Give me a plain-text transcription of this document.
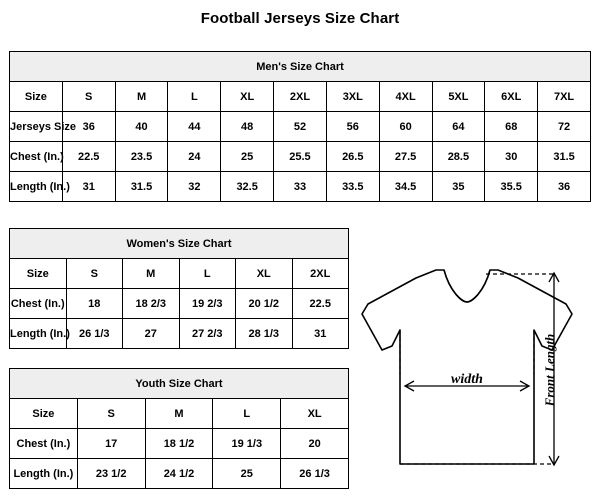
Football Jerseys Size Chart
Men's Size Chart										
Size	S	M	L	XL	2XL	3XL	4XL	5XL	6XL	7XL
Jerseys Size	36	40	44	48	52	56	60	64	68	72
Chest (In.)	22.5	23.5	24	25	25.5	26.5	27.5	28.5	30	31.5
Length (In.)	31	31.5	32	32.5	33	33.5	34.5	35	35.5	36
Women's Size Chart					
Size	S	M	L	XL	2XL
Chest (In.)	18	18 2/3	19 2/3	20 1/2	22.5
Length (In.)	26 1/3	27	27 2/3	28 1/3	31
Youth Size Chart				
Size	S	M	L	XL
Chest (In.)	17	18 1/2	19 1/3	20
Length (In.)	23 1/2	24 1/2	25	26 1/3
width	Front Length
